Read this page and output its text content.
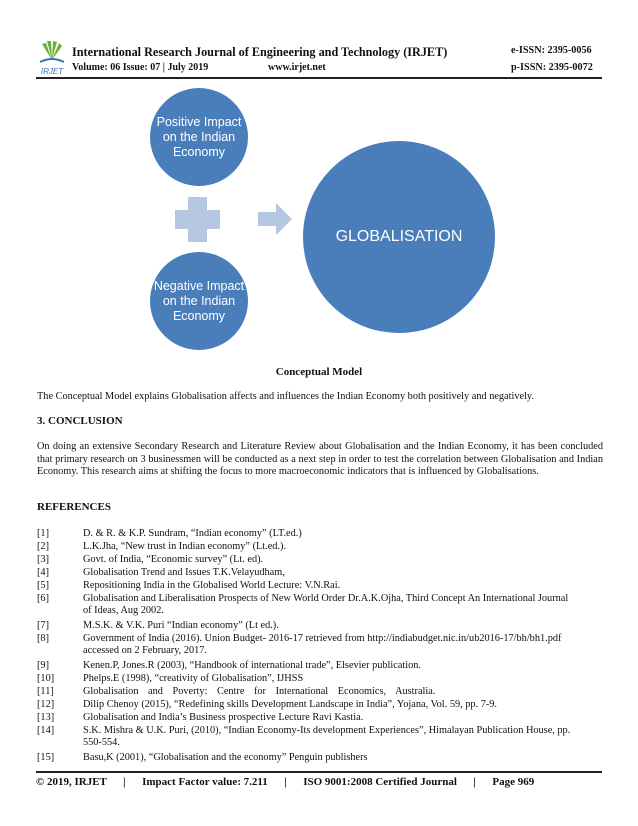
IRJET
International Research Journal of Engineering and Technology (IRJET)	e-ISSN: 2395-0056
Volume: 06 Issue: 07 | July 2019	www.irjet.net	p-ISSN: 2395-0072
Positive Impact on the Indian Economy
Negative Impact on the Indian Economy
GLOBALISATION
Conceptual Model
The Conceptual Model explains Globalisation affects and influences the Indian Economy both positively and negatively.
3. CONCLUSION
On doing an extensive Secondary Research and Literature Review about Globalisation and the Indian Economy, it has been concluded that primary research on 3 businessmen will be conducted as a next step in order to test the correlation between Globalisation and Indian Economy. This research aims at shifting the focus to more macroeconomic indicators that is influenced by Globalisations.
REFERENCES
[1]	D. & R. & K.P. Sundram, “Indian economy” (LT.ed.)
[2]	L.K.Jha, “New trust in Indian economy” (Lt.ed.).
[3]	Govt. of India, “Economic survey” (Lt. ed).
[4]	Globalisation Trend and Issues T.K.Velayudham,
[5]	Repositioning India in the Globalised World Lecture: V.N.Rai.
[6]	Globalisation and Liberalisation Prospects of New World Order Dr.A.K.Ojha, Third Concept An International Journal of Ideas, Aug 2002.
[7]	M.S.K. & V.K. Puri “Indian economy” (Lt ed.).
[8]	Government of India (2016). Union Budget- 2016-17 retrieved from http://indiabudget.nic.in/ub2016-17/bh/bh1.pdf accessed on 2 February, 2017.
[9]	Kenen.P, Jones.R (2003), “Handbook of international trade”, Elsevier publication.
[10]	Phelps.E (1998), “creativity of Globalisation”, IJHSS
[11]	Globalisation and Poverty: Centre for International Economics, Australia.
[12]	Dilip Chenoy (2015), “Redefining skills Development Landscape in India”, Yojana, Vol. 59, pp. 7-9.
[13]	Globalisation and India’s Business prospective Lecture Ravi Kastia.
[14]	S.K. Mishra & U.K. Puri, (2010), “Indian Economy-Its development Experiences”, Himalayan Publication House, pp. 550-554.
[15]	Basu,K (2001), “Globalisation and the economy” Penguin publishers
© 2019, IRJET | Impact Factor value: 7.211 | ISO 9001:2008 Certified Journal | Page 969
